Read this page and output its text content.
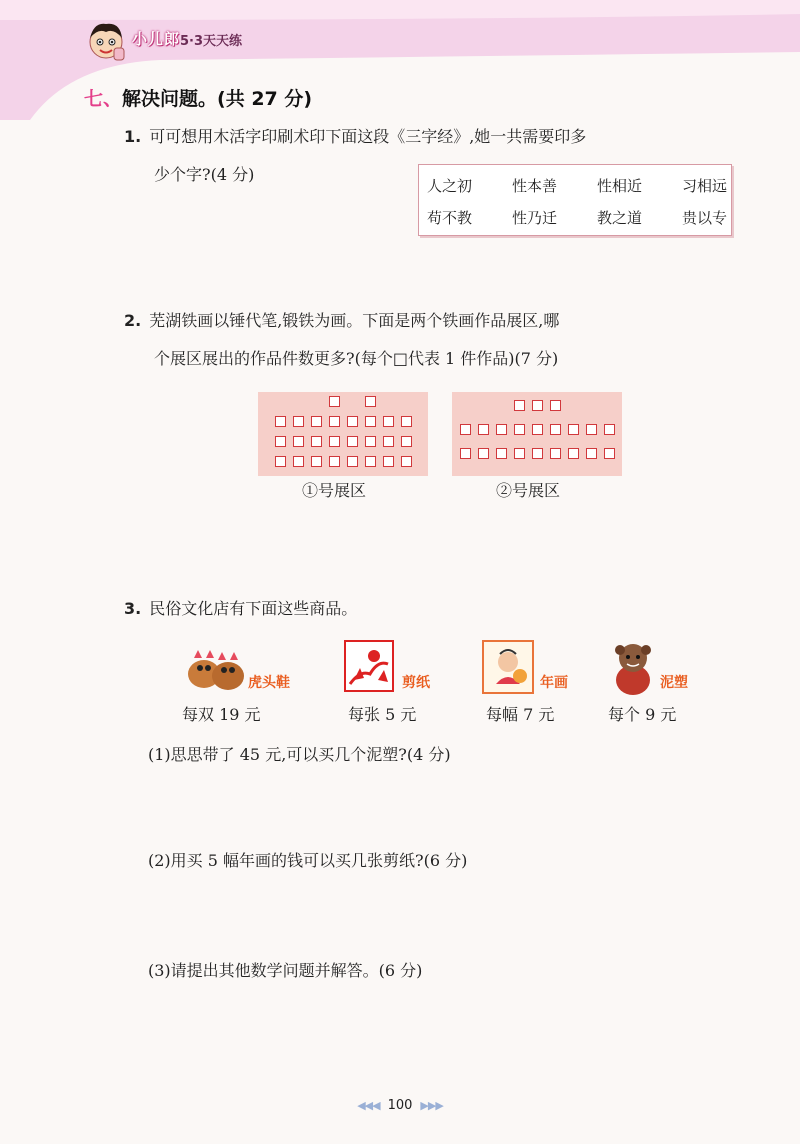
小儿郎 5·3天天练
七、解决问题。(共 27 分)
1. 可可想用木活字印刷术印下面这段《三字经》,她一共需要印多
少个字?(4 分)
人之初	性本善	性相近	习相远
苟不教	性乃迁	教之道	贵以专
2. 芜湖铁画以锤代笔,锻铁为画。下面是两个铁画作品展区,哪
个展区展出的作品件数更多?(每个□代表 1 件作品)(7 分)
①号展区	②号展区
3. 民俗文化店有下面这些商品。
虎头鞋	剪纸	年画	泥塑
每双 19 元	每张 5 元	每幅 7 元	每个 9 元
(1)思思带了 45 元,可以买几个泥塑?(4 分)
(2)用买 5 幅年画的钱可以买几张剪纸?(6 分)
(3)请提出其他数学问题并解答。(6 分)
◀◀◀ 100 ▶▶▶
